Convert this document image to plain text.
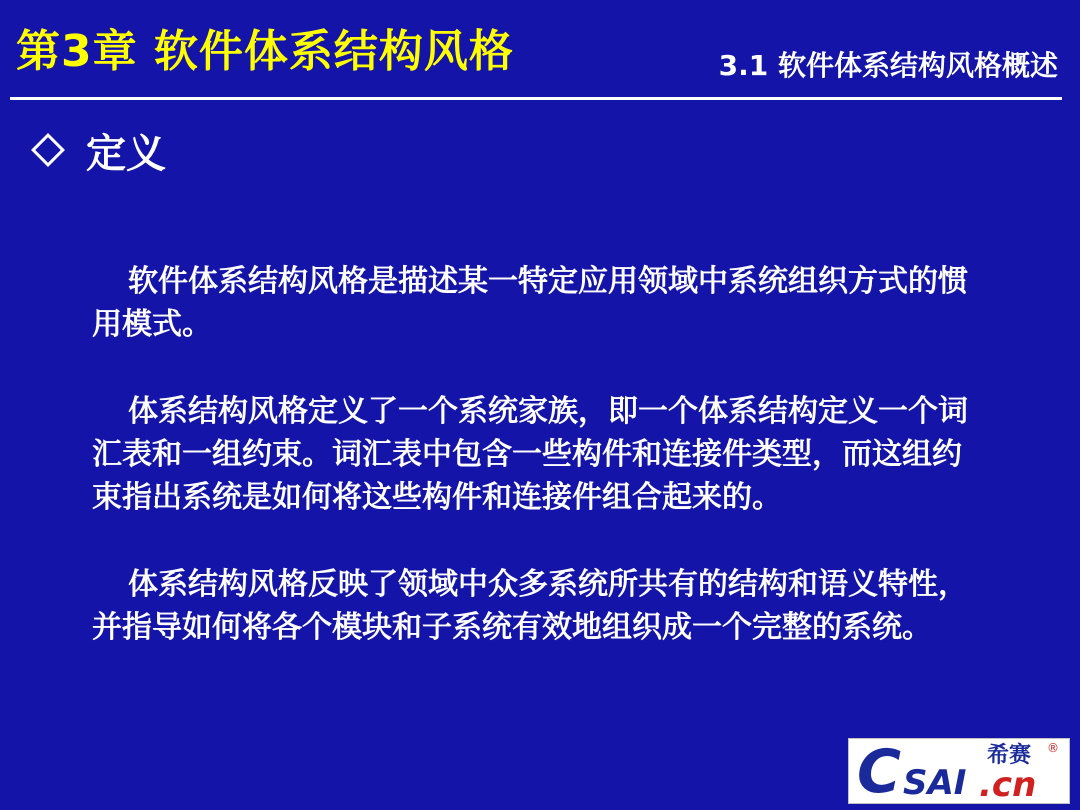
第3章 软件体系结构风格	3.1 软件体系结构风格概述
定义

软件体系结构风格是描述某一特定应用领域中系统组织方式的惯用模式。

体系结构风格定义了一个系统家族，即一个体系结构定义一个词汇表和一组约束。词汇表中包含一些构件和连接件类型，而这组约束指出系统是如何将这些构件和连接件组合起来的。

体系结构风格反映了领域中众多系统所共有的结构和语义特性，并指导如何将各个模块和子系统有效地组织成一个完整的系统。

C SAI .cn
希赛 ®
